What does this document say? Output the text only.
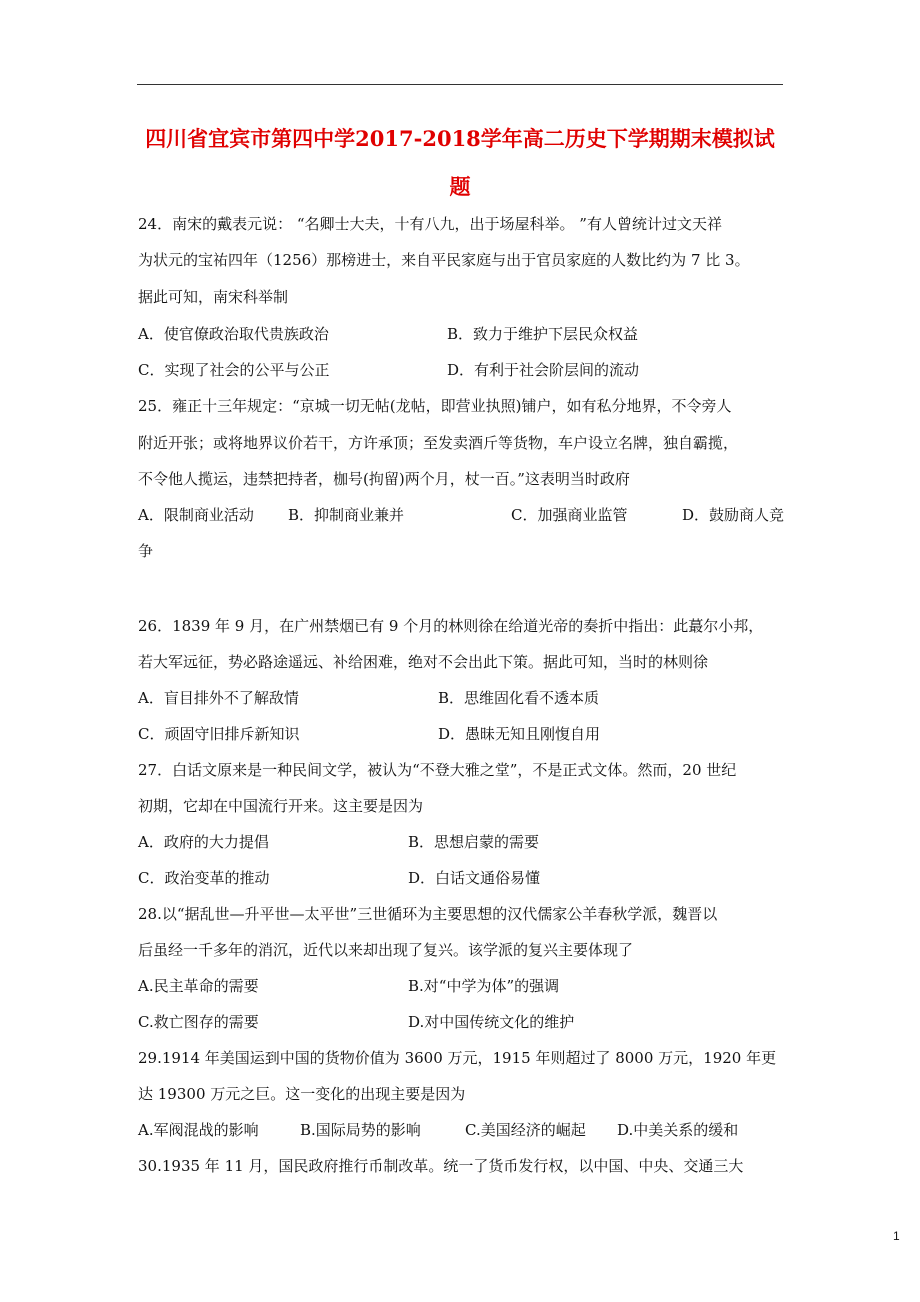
四川省宜宾市第四中学2017-2018学年高二历史下学期期末模拟试
题
24．南宋的戴表元说： “名卿士大夫，十有八九，出于场屋科举。 ”有人曾统计过文天祥
为状元的宝祐四年（1256）那榜进士，来自平民家庭与出于官员家庭的人数比约为 7 比 3。
据此可知，南宋科举制
A．使官僚政治取代贵族政治	B．致力于维护下层民众权益
C．实现了社会的公平与公正	D．有利于社会阶层间的流动
25．雍正十三年规定：“京城一切无帖(龙帖，即营业执照)铺户，如有私分地界，不令旁人
附近开张；或将地界议价若干，方许承顶；至发卖酒斤等货物，车户设立名牌，独自霸揽，
不令他人揽运，违禁把持者，枷号(拘留)两个月，杖一百。”这表明当时政府
A．限制商业活动 B．抑制商业兼并	C．加强商业监管	D．鼓励商人竞
争
26．1839 年 9 月，在广州禁烟已有 9 个月的林则徐在给道光帝的奏折中指出：此蕞尔小邦，
若大军远征，势必路途遥远、补给困难，绝对不会出此下策。据此可知，当时的林则徐
A．盲目排外不了解敌情	B．思维固化看不透本质
C．顽固守旧排斥新知识	D．愚昧无知且刚愎自用
27．白话文原来是一种民间文学，被认为“不登大雅之堂”，不是正式文体。然而，20 世纪
初期，它却在中国流行开来。这主要是因为
A．政府的大力提倡	B．思想启蒙的需要
C．政治变革的推动	D．白话文通俗易懂
28.以“据乱世—升平世—太平世”三世循环为主要思想的汉代儒家公羊春秋学派，魏晋以
后虽经一千多年的消沉，近代以来却出现了复兴。该学派的复兴主要体现了
A.民主革命的需要	B.对“中学为体”的强调
C.救亡图存的需要	D.对中国传统文化的维护
29.1914 年美国运到中国的货物价值为 3600 万元，1915 年则超过了 8000 万元，1920 年更
达 19300 万元之巨。这一变化的出现主要是因为
A.军阀混战的影响	B.国际局势的影响	C.美国经济的崛起 D.中美关系的缓和
30.1935 年 11 月，国民政府推行币制改革。统一了货币发行权，以中国、中央、交通三大
1
